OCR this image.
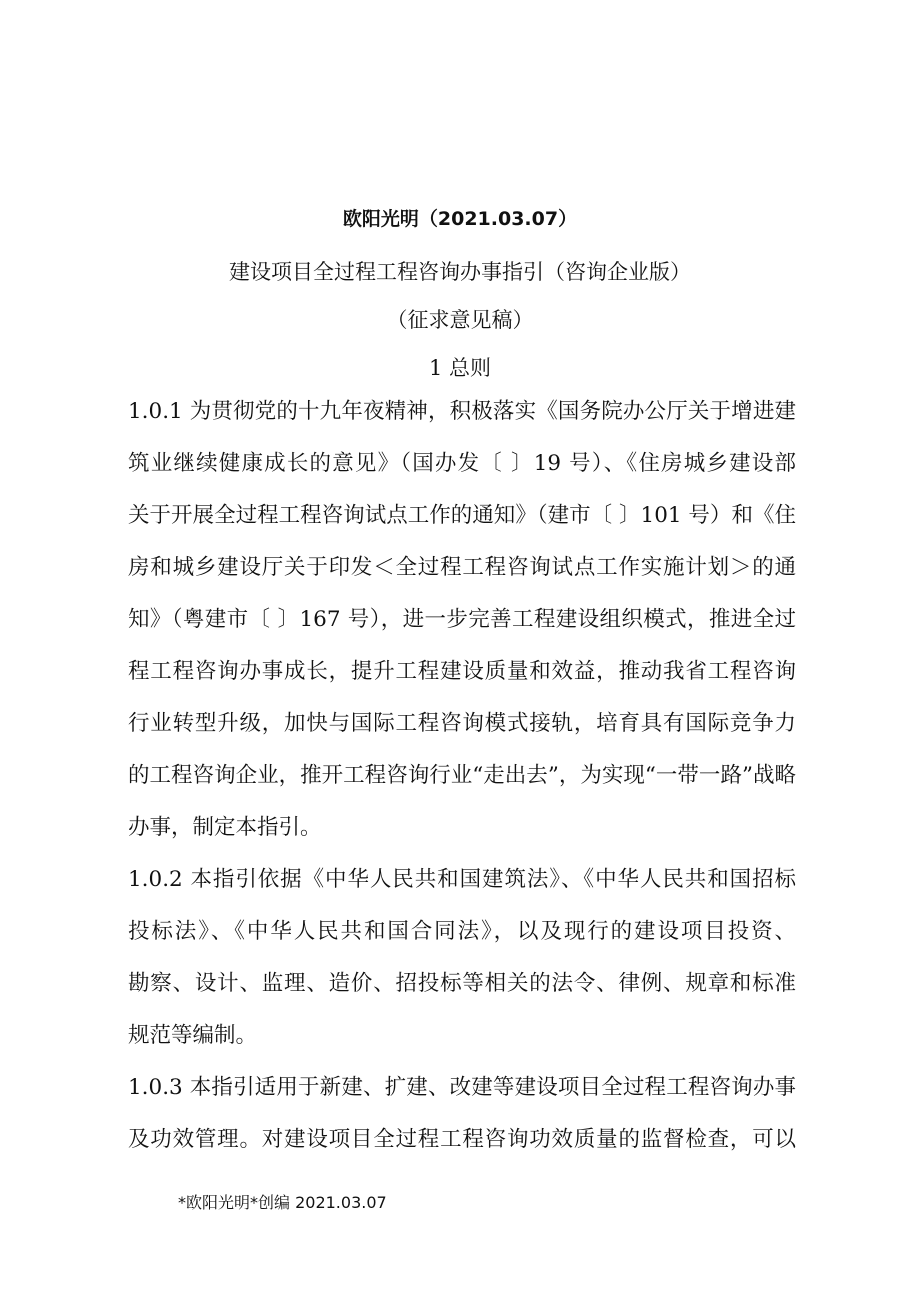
欧阳光明（2021.03.07）
建设项目全过程工程咨询办事指引（咨询企业版）
（征求意见稿）
1 总则
1.0.1 为贯彻党的十九年夜精神，积极落实《国务院办公厅关于增进建
筑业继续健康成长的意见》（国办发〔 〕19 号）、《住房城乡建设部
关于开展全过程工程咨询试点工作的通知》（建市〔 〕101 号）和《住
房和城乡建设厅关于印发＜全过程工程咨询试点工作实施计划＞的通
知》（粤建市〔 〕167 号），进一步完善工程建设组织模式，推进全过
程工程咨询办事成长，提升工程建设质量和效益，推动我省工程咨询
行业转型升级，加快与国际工程咨询模式接轨，培育具有国际竞争力
的工程咨询企业，推开工程咨询行业“走出去”，为实现“一带一路”战略
办事，制定本指引。
1.0.2 本指引依据《中华人民共和国建筑法》、《中华人民共和国招标
投标法》、《中华人民共和国合同法》，以及现行的建设项目投资、
勘察、设计、监理、造价、招投标等相关的法令、律例、规章和标准
规范等编制。
1.0.3 本指引适用于新建、扩建、改建等建设项目全过程工程咨询办事
及功效管理。对建设项目全过程工程咨询功效质量的监督检查，可以
*欧阳光明*创编 2021.03.07
